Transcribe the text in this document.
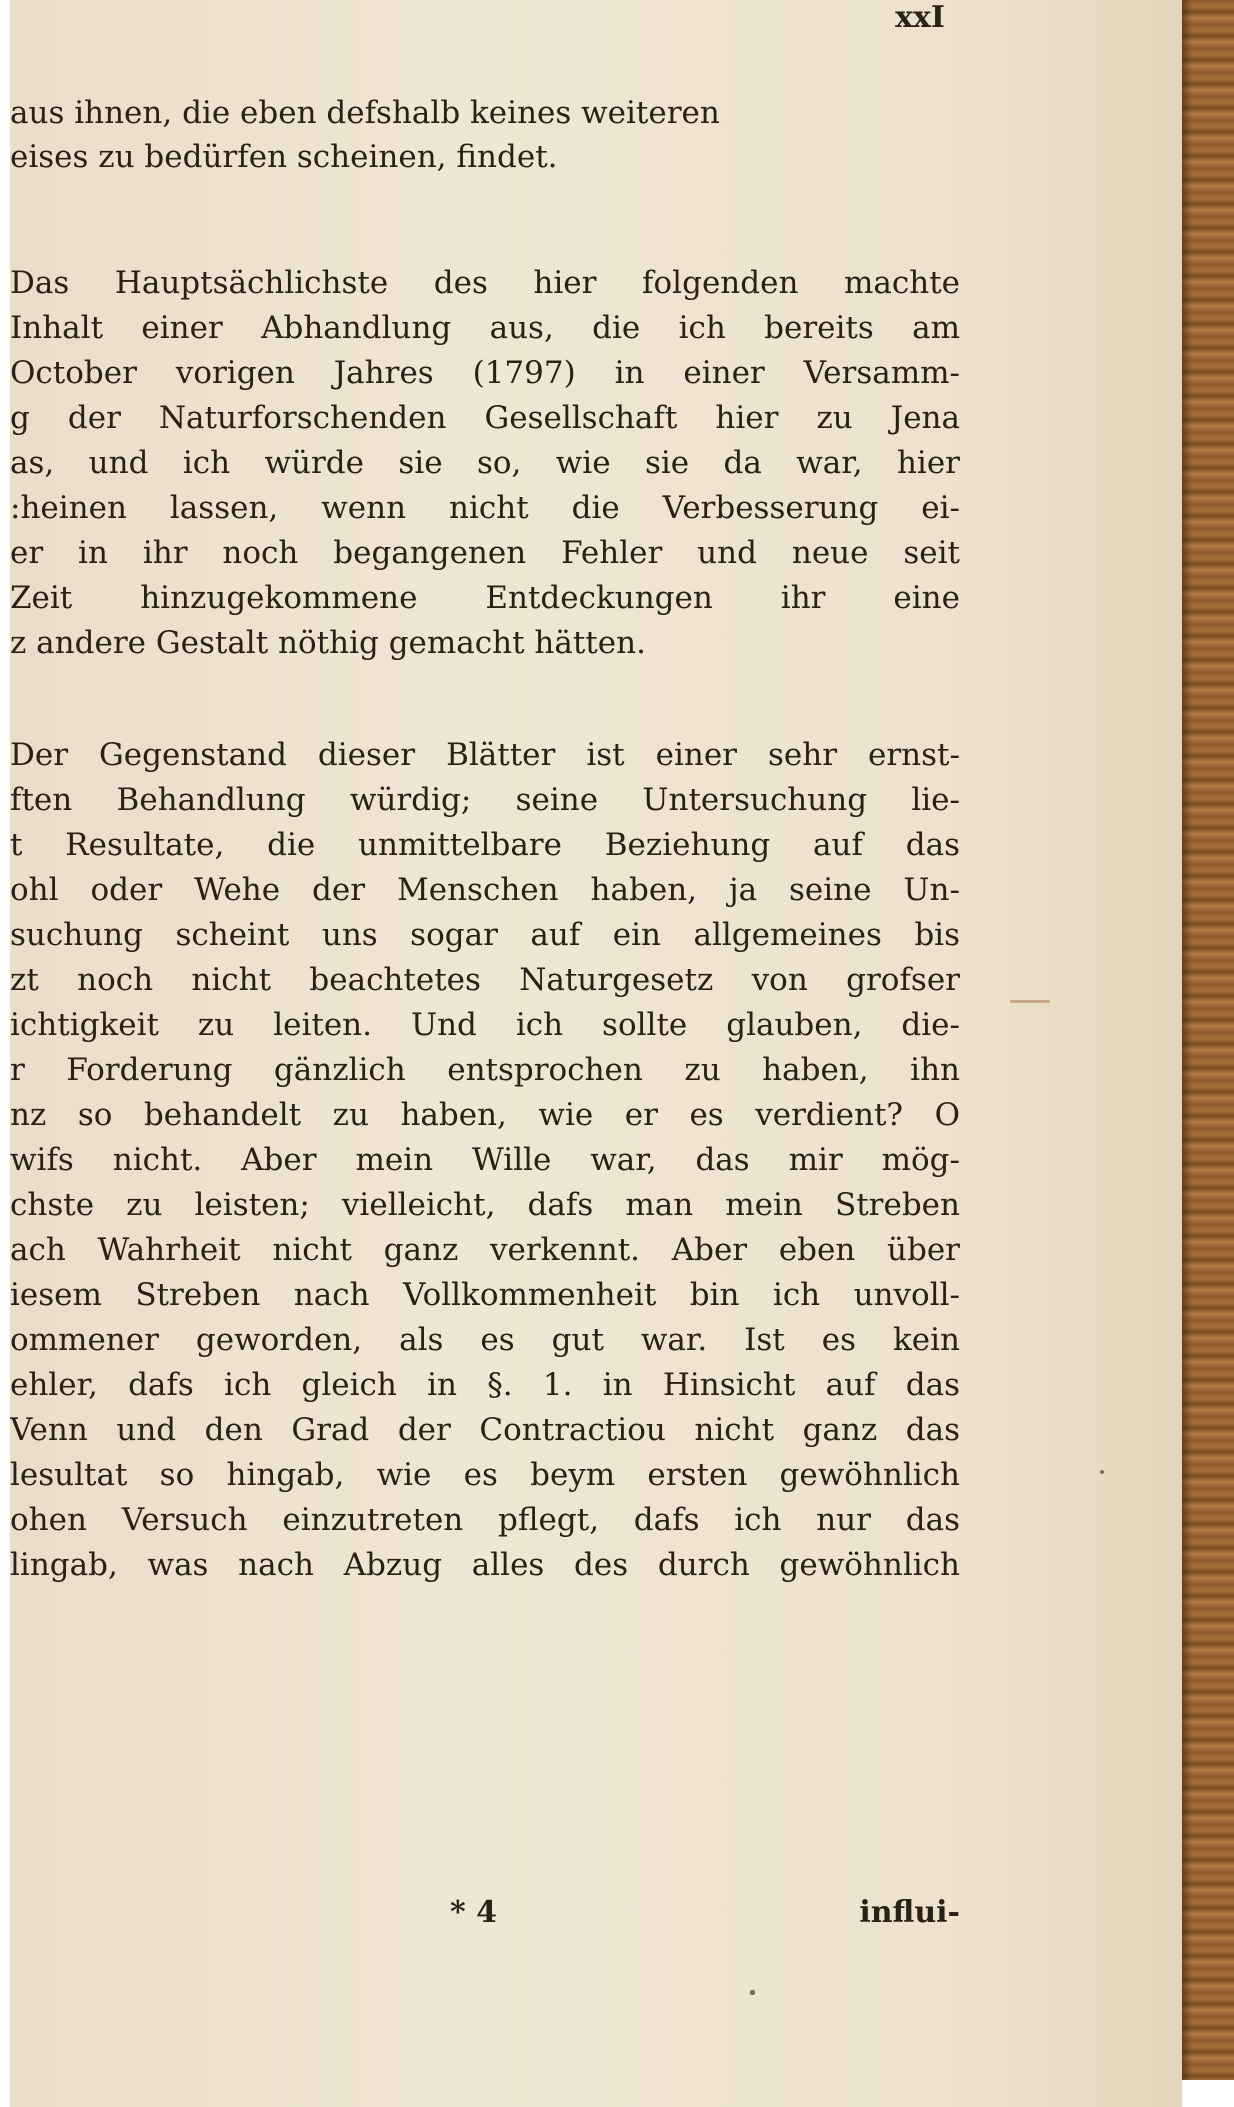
xxI
aus ihnen, die eben defshalb keines weiteren
eises zu bedürfen scheinen, findet.
Das Hauptsächlichste des hier folgenden machte
Inhalt einer Abhandlung aus, die ich bereits am
October vorigen Jahres (1797) in einer Versamm-
g der Naturforschenden Gesellschaft hier zu Jena
as, und ich würde sie so, wie sie da war, hier
:heinen lassen, wenn nicht die Verbesserung ei-
er in ihr noch begangenen Fehler und neue seit
Zeit hinzugekommene Entdeckungen ihr eine
z andere Gestalt nöthig gemacht hätten.
Der Gegenstand dieser Blätter ist einer sehr ernst-
ften Behandlung würdig; seine Untersuchung lie-
t Resultate, die unmittelbare Beziehung auf das
ohl oder Wehe der Menschen haben, ja seine Un-
suchung scheint uns sogar auf ein allgemeines bis
zt noch nicht beachtetes Naturgesetz von grofser
ichtigkeit zu leiten. Und ich sollte glauben, die-
r Forderung gänzlich entsprochen zu haben, ihn
nz so behandelt zu haben, wie er es verdient? O
wifs nicht. Aber mein Wille war, das mir mög-
chste zu leisten; vielleicht, dafs man mein Streben
ach Wahrheit nicht ganz verkennt. Aber eben über
iesem Streben nach Vollkommenheit bin ich unvoll-
ommener geworden, als es gut war. Ist es kein
ehler, dafs ich gleich in §. 1. in Hinsicht auf das
Venn und den Grad der Contractiou nicht ganz das
lesultat so hingab, wie es beym ersten gewöhnlich
ohen Versuch einzutreten pflegt, dafs ich nur das
lingab, was nach Abzug alles des durch gewöhnlich
* 4	influi-
